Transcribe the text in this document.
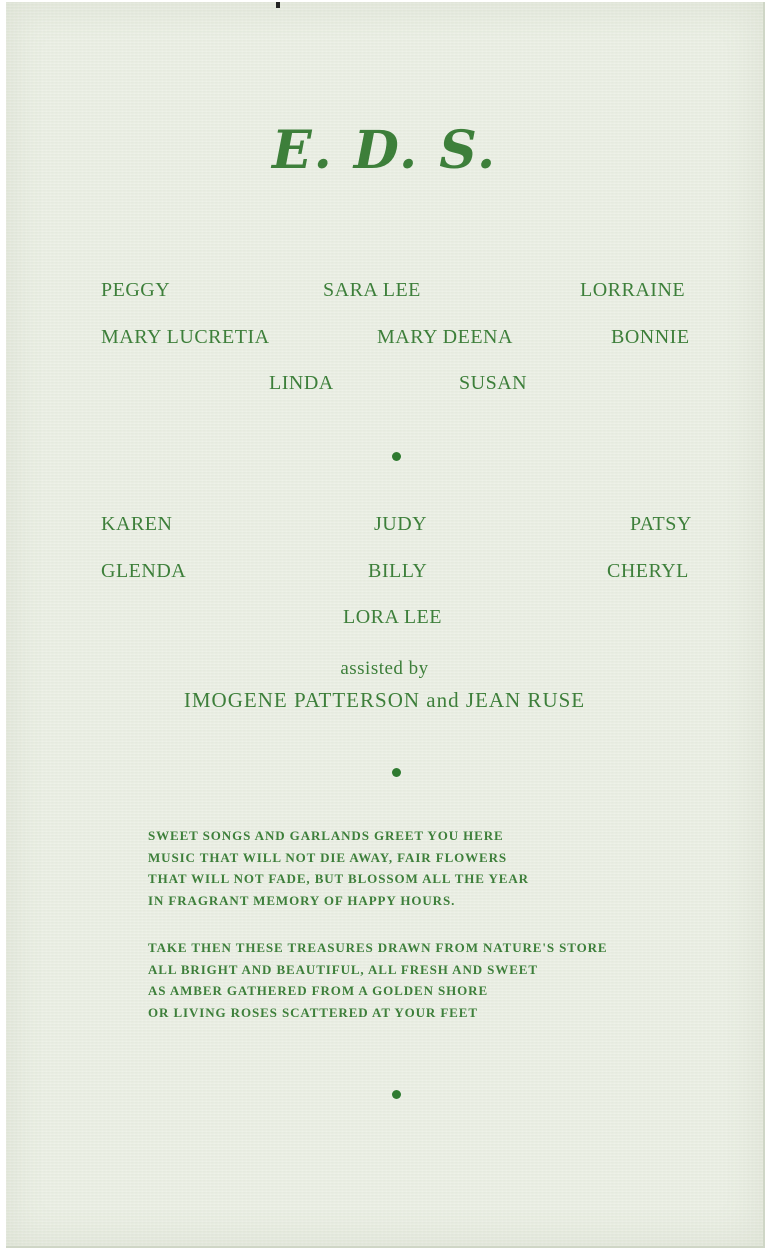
E. D. S.
PEGGY	SARA LEE	LORRAINE
MARY LUCRETIA	MARY DEENA	BONNIE
LINDA	SUSAN
KAREN	JUDY	PATSY
GLENDA	BILLY	CHERYL
LORA LEE
assisted by
IMOGENE PATTERSON and JEAN RUSE
SWEET SONGS AND GARLANDS GREET YOU HERE
MUSIC THAT WILL NOT DIE AWAY, FAIR FLOWERS
THAT WILL NOT FADE, BUT BLOSSOM ALL THE YEAR
IN FRAGRANT MEMORY OF HAPPY HOURS.
TAKE THEN THESE TREASURES DRAWN FROM NATURE'S STORE
ALL BRIGHT AND BEAUTIFUL, ALL FRESH AND SWEET
AS AMBER GATHERED FROM A GOLDEN SHORE
OR LIVING ROSES SCATTERED AT YOUR FEET
